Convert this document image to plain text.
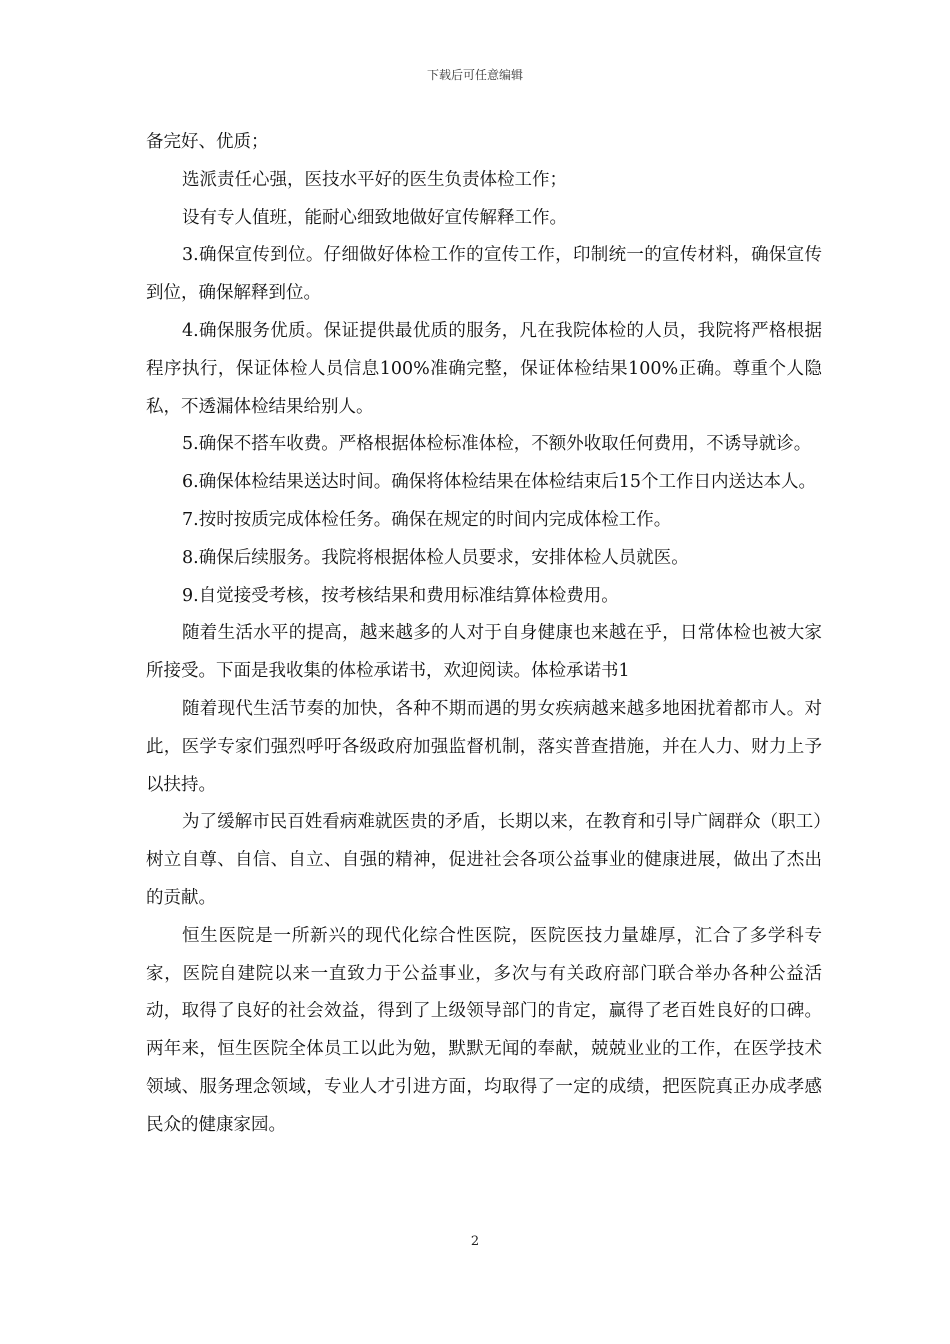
下载后可任意编辑

备完好、优质；

选派责任心强，医技水平好的医生负责体检工作；

设有专人值班，能耐心细致地做好宣传解释工作。

3.确保宣传到位。仔细做好体检工作的宣传工作，印制统一的宣传材料，确保宣传到位，确保解释到位。

4.确保服务优质。保证提供最优质的服务，凡在我院体检的人员，我院将严格根据程序执行，保证体检人员信息100%准确完整，保证体检结果100%正确。尊重个人隐私，不透漏体检结果给别人。

5.确保不搭车收费。严格根据体检标准体检，不额外收取任何费用，不诱导就诊。

6.确保体检结果送达时间。确保将体检结果在体检结束后15个工作日内送达本人。

7.按时按质完成体检任务。确保在规定的时间内完成体检工作。

8.确保后续服务。我院将根据体检人员要求，安排体检人员就医。

9.自觉接受考核，按考核结果和费用标准结算体检费用。

随着生活水平的提高，越来越多的人对于自身健康也来越在乎，日常体检也被大家所接受。下面是我收集的体检承诺书，欢迎阅读。体检承诺书1

随着现代生活节奏的加快，各种不期而遇的男女疾病越来越多地困扰着都市人。对此，医学专家们强烈呼吁各级政府加强监督机制，落实普查措施，并在人力、财力上予以扶持。

为了缓解市民百姓看病难就医贵的矛盾，长期以来，在教育和引导广阔群众（职工）树立自尊、自信、自立、自强的精神，促进社会各项公益事业的健康进展，做出了杰出的贡献。

恒生医院是一所新兴的现代化综合性医院，医院医技力量雄厚，汇合了多学科专家，医院自建院以来一直致力于公益事业，多次与有关政府部门联合举办各种公益活动，取得了良好的社会效益，得到了上级领导部门的肯定，赢得了老百姓良好的口碑。两年来，恒生医院全体员工以此为勉，默默无闻的奉献，兢兢业业的工作，在医学技术领域、服务理念领域，专业人才引进方面，均取得了一定的成绩，把医院真正办成孝感民众的健康家园。

2
